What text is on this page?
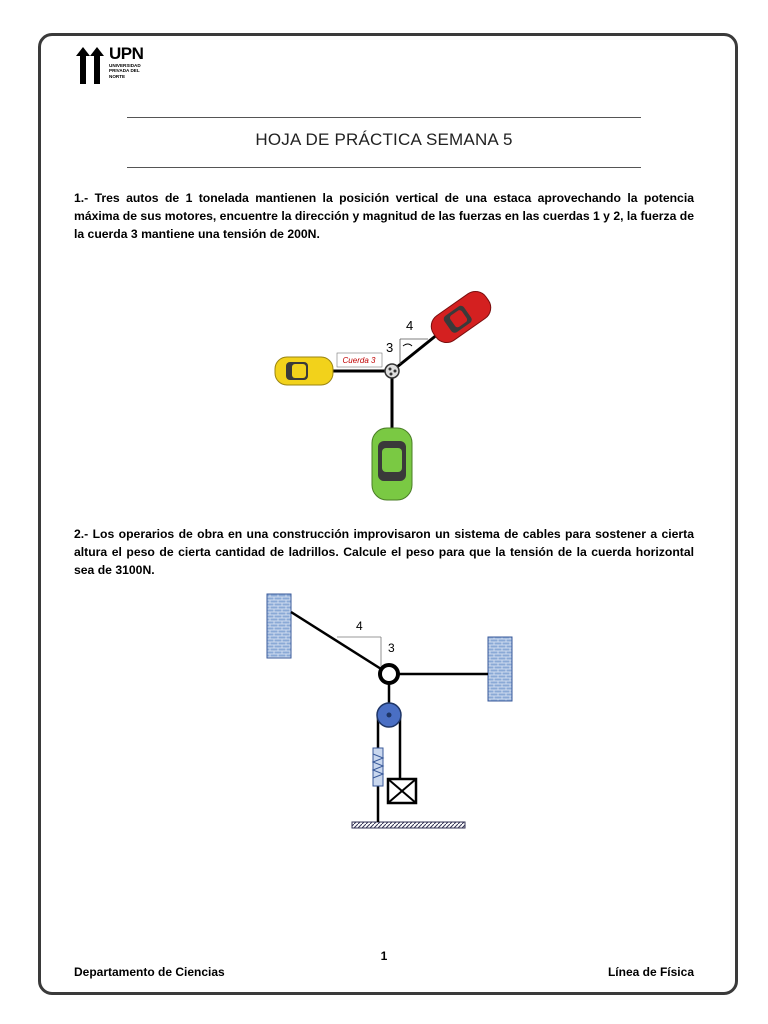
UPN
UNIVERSIDAD PRIVADA DEL NORTE
HOJA DE PRÁCTICA SEMANA 5
1.- Tres autos de 1 tonelada mantienen la posición vertical de una estaca aprovechando la potencia máxima de sus motores, encuentre la dirección y magnitud de las fuerzas en las cuerdas 1 y 2, la fuerza de la cuerda 3 mantiene una tensión de 200N.
Cuerda 3
3
4
2.- Los operarios de obra en una construcción improvisaron un sistema de cables para sostener a cierta altura el peso de cierta cantidad de ladrillos. Calcule el peso para que la tensión de la cuerda horizontal sea de 3100N.
4
3
1
Departamento de Ciencias	Línea de Física
